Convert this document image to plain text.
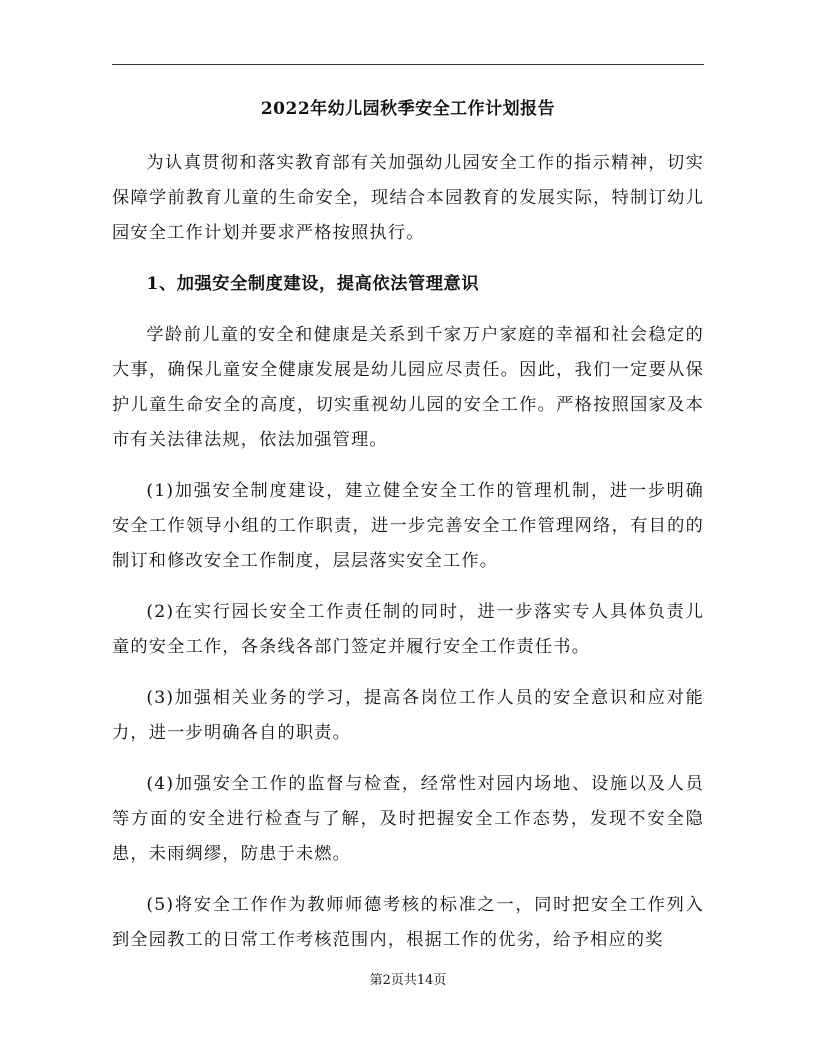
2022年幼儿园秋季安全工作计划报告

为认真贯彻和落实教育部有关加强幼儿园安全工作的指示精神，切实保障学前教育儿童的生命安全，现结合本园教育的发展实际，特制订幼儿园安全工作计划并要求严格按照执行。

1、加强安全制度建设，提高依法管理意识

学龄前儿童的安全和健康是关系到千家万户家庭的幸福和社会稳定的大事，确保儿童安全健康发展是幼儿园应尽责任。因此，我们一定要从保护儿童生命安全的高度，切实重视幼儿园的安全工作。严格按照国家及本市有关法律法规，依法加强管理。

(1)加强安全制度建设，建立健全安全工作的管理机制，进一步明确安全工作领导小组的工作职责，进一步完善安全工作管理网络，有目的的制订和修改安全工作制度，层层落实安全工作。

(2)在实行园长安全工作责任制的同时，进一步落实专人具体负责儿童的安全工作，各条线各部门签定并履行安全工作责任书。

(3)加强相关业务的学习，提高各岗位工作人员的安全意识和应对能力，进一步明确各自的职责。

(4)加强安全工作的监督与检查，经常性对园内场地、设施以及人员等方面的安全进行检查与了解，及时把握安全工作态势，发现不安全隐患，未雨绸缪，防患于未燃。

(5)将安全工作作为教师师德考核的标准之一，同时把安全工作列入到全园教工的日常工作考核范围内，根据工作的优劣，给予相应的奖

第2页共14页
